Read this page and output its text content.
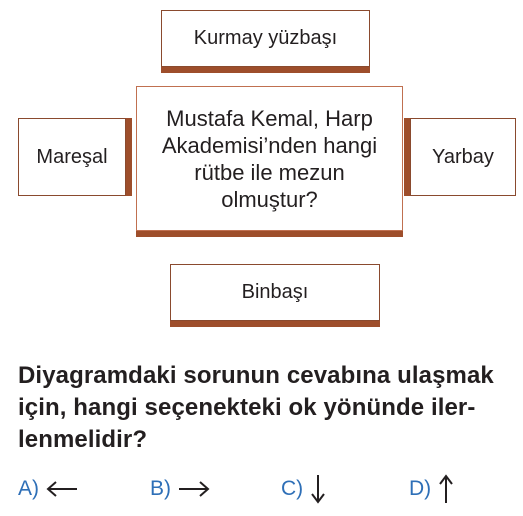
Kurmay yüzbaşı
Mareşal
Mustafa Kemal, Harp Akademisi’nden hangi rütbe ile mezun olmuştur?
Yarbay
Binbaşı
Diyagramdaki sorunun cevabına ulaşmak
için, hangi seçenekteki ok yönünde iler-
lenmelidir?
A)	B)	C)	D)
